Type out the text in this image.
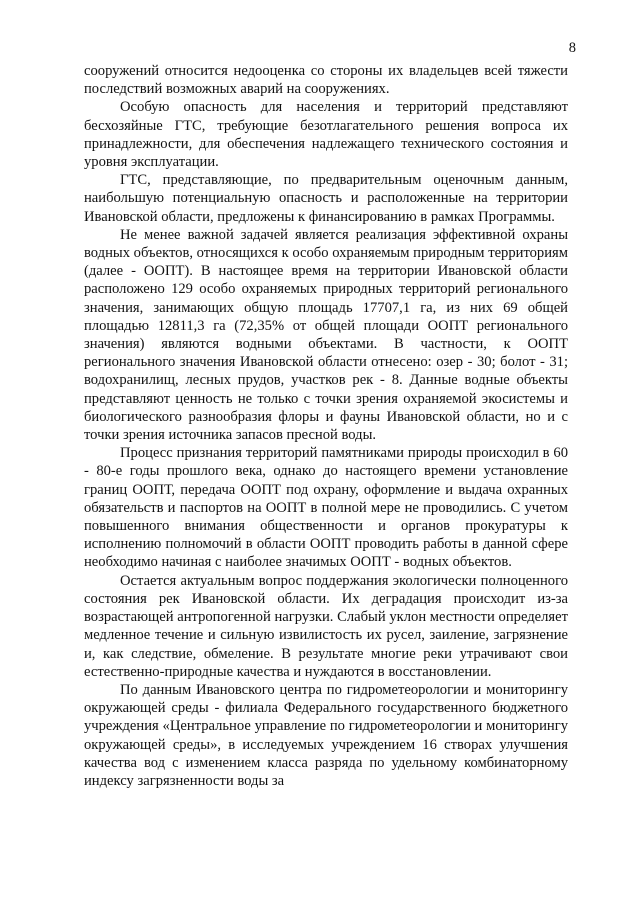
8

сооружений относится недооценка со стороны их владельцев всей тяжести последствий возможных аварий на сооружениях.

Особую опасность для населения и территорий представляют бесхозяйные ГТС, требующие безотлагательного решения вопроса их принадлежности, для обеспечения надлежащего технического состояния и уровня эксплуатации.

ГТС, представляющие, по предварительным оценочным данным, наибольшую потенциальную опасность и расположенные на территории Ивановской области, предложены к финансированию в рамках Программы.

Не менее важной задачей является реализация эффективной охраны водных объектов, относящихся к особо охраняемым природным территориям (далее - ООПТ). В настоящее время на территории Ивановской области расположено 129 особо охраняемых природных территорий регионального значения, занимающих общую площадь 17707,1 га, из них 69 общей площадью 12811,3 га (72,35% от общей площади ООПТ регионального значения) являются водными объектами. В частности, к ООПТ регионального значения Ивановской области отнесено: озер - 30; болот - 31; водохранилищ, лесных прудов, участков рек - 8. Данные водные объекты представляют ценность не только с точки зрения охраняемой экосистемы и биологического разнообразия флоры и фауны Ивановской области, но и с точки зрения источника запасов пресной воды.

Процесс признания территорий памятниками природы происходил в 60 - 80-е годы прошлого века, однако до настоящего времени установление границ ООПТ, передача ООПТ под охрану, оформление и выдача охранных обязательств и паспортов на ООПТ в полной мере не проводились. С учетом повышенного внимания общественности и органов прокуратуры к исполнению полномочий в области ООПТ проводить работы в данной сфере необходимо начиная с наиболее значимых ООПТ - водных объектов.

Остается актуальным вопрос поддержания экологически полноценного состояния рек Ивановской области. Их деградация происходит из-за возрастающей антропогенной нагрузки. Слабый уклон местности определяет медленное течение и сильную извилистость их русел, заиление, загрязнение и, как следствие, обмеление. В результате многие реки утрачивают свои естественно-природные качества и нуждаются в восстановлении.

По данным Ивановского центра по гидрометеорологии и мониторингу окружающей среды - филиала Федерального государственного бюджетного учреждения «Центральное управление по гидрометеорологии и мониторингу окружающей среды», в исследуемых учреждением 16 створах улучшения качества вод с изменением класса разряда по удельному комбинаторному индексу загрязненности воды за
